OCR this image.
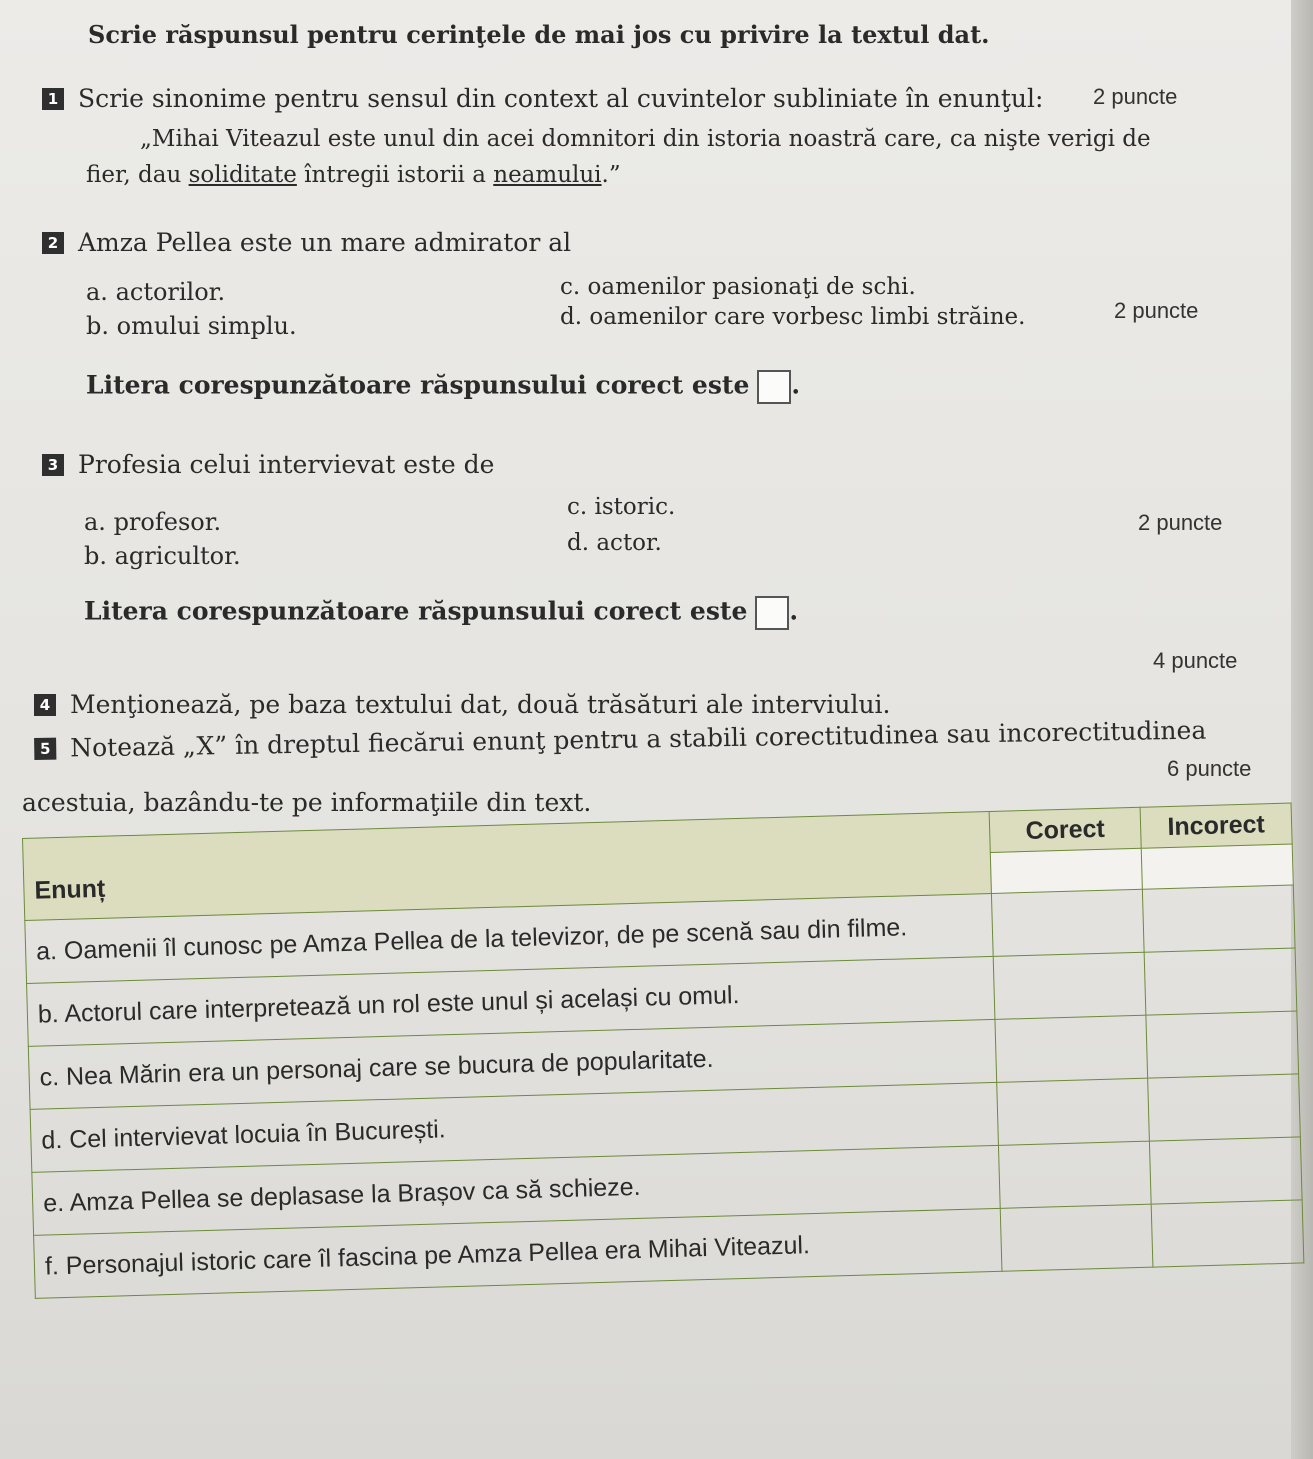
Scrie răspunsul pentru cerinţele de mai jos cu privire la textul dat.
1 Scrie sinonime pentru sensul din context al cuvintelor subliniate în enunţul: 2 puncte
„Mihai Viteazul este unul din acei domnitori din istoria noastră care, ca nişte verigi de
fier, dau soliditate întregii istorii a neamului.”
2 Amza Pellea este un mare admirator al
a. actorilor.
b. omului simplu.
c. oamenilor pasionaţi de schi.
d. oamenilor care vorbesc limbi străine.	2 puncte
Litera corespunzătoare răspunsului corect este .
3 Profesia celui intervievat este de
a. profesor.
b. agricultor.
c. istoric.
d. actor.
2 puncte
Litera corespunzătoare răspunsului corect este .
4 puncte
4 Menţionează, pe baza textului dat, două trăsături ale interviului.
5 Notează „X” în dreptul fiecărui enunţ pentru a stabili corectitudinea sau incorectitudinea
6 puncte
acestuia, bazându-te pe informaţiile din text.
Enunț	Corect	Incorect

a. Oamenii îl cunosc pe Amza Pellea de la televizor, de pe scenă sau din filme.		
b. Actorul care interpretează un rol este unul și același cu omul.		
c. Nea Mărin era un personaj care se bucura de popularitate.		
d. Cel intervievat locuia în București.		
e. Amza Pellea se deplasase la Brașov ca să schieze.		
f. Personajul istoric care îl fascina pe Amza Pellea era Mihai Viteazul.		
